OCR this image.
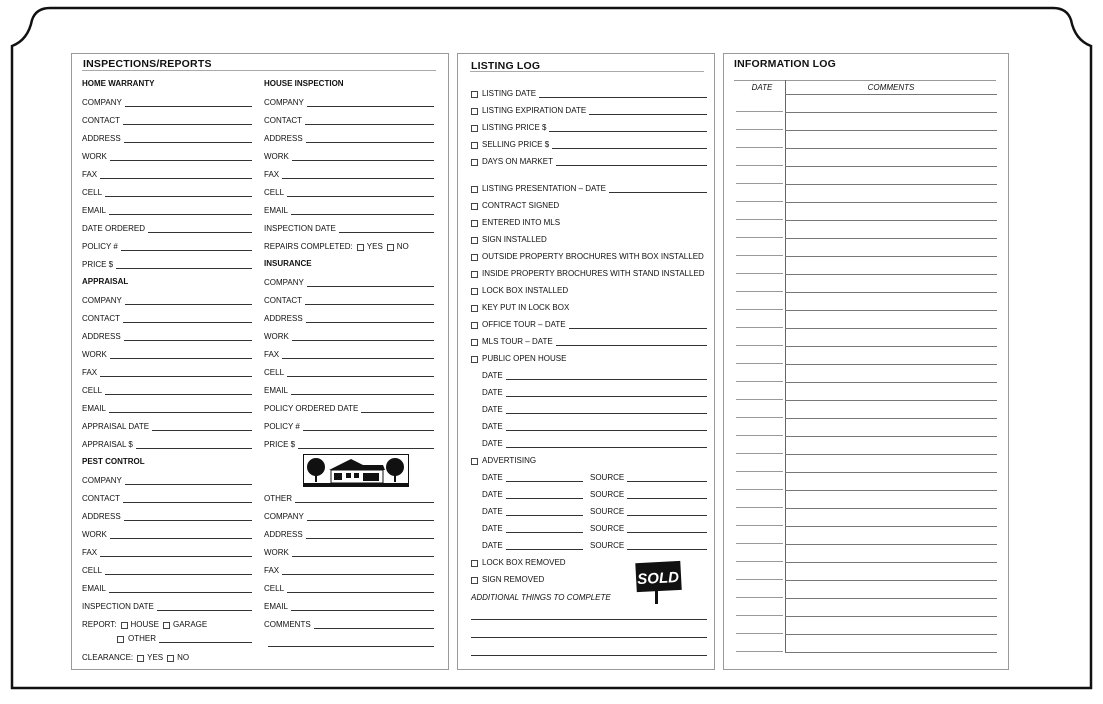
INSPECTIONS/REPORTS
HOME WARRANTY
COMPANY
CONTACT
ADDRESS
WORK
FAX
CELL
EMAIL
DATE ORDERED
POLICY #
PRICE $
APPRAISAL
COMPANY
CONTACT
ADDRESS
WORK
FAX
CELL
EMAIL
APPRAISAL DATE
APPRAISAL $
PEST CONTROL
COMPANY
CONTACT
ADDRESS
WORK
FAX
CELL
EMAIL
INSPECTION DATE
REPORT: HOUSE GARAGE
OTHER
CLEARANCE: YES NO
HOUSE INSPECTION
COMPANY
CONTACT
ADDRESS
WORK
FAX
CELL
EMAIL
INSPECTION DATE
REPAIRS COMPLETED: YES NO
INSURANCE
COMPANY
CONTACT
ADDRESS
WORK
FAX
CELL
EMAIL
POLICY ORDERED DATE
POLICY #
PRICE $
OTHER
COMPANY
ADDRESS
WORK
FAX
CELL
EMAIL
COMMENTS
LISTING LOG
LISTING DATE
LISTING EXPIRATION DATE
LISTING PRICE $
SELLING PRICE $
DAYS ON MARKET
LISTING PRESENTATION – DATE
CONTRACT SIGNED
ENTERED INTO MLS
SIGN INSTALLED
OUTSIDE PROPERTY BROCHURES WITH BOX INSTALLED
INSIDE PROPERTY BROCHURES WITH STAND INSTALLED
LOCK BOX INSTALLED
KEY PUT IN LOCK BOX
OFFICE TOUR – DATE
MLS TOUR – DATE
PUBLIC OPEN HOUSE
DATE
DATE
DATE
DATE
DATE
ADVERTISING
DATE	SOURCE
DATE	SOURCE
DATE	SOURCE
DATE	SOURCE
DATE	SOURCE
LOCK BOX REMOVED
SIGN REMOVED
ADDITIONAL THINGS TO COMPLETE
SOLD
INFORMATION LOG
DATE	COMMENTS
